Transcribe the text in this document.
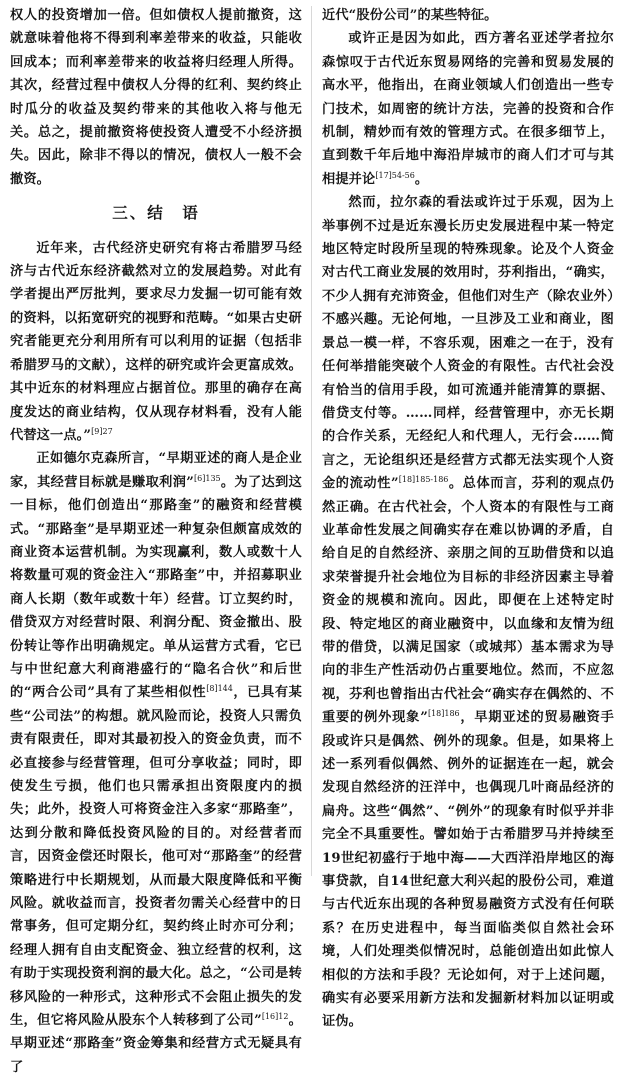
权人的投资增加一倍。但如债权人提前撤资，这就意味着他将不得到利率差带来的收益，只能收回成本；而利率差带来的收益将归经理人所得。其次，经营过程中债权人分得的红利、契约终止时瓜分的收益及契约带来的其他收入将与他无关。总之，提前撤资将使投资人遭受不小经济损失。因此，除非不得以的情况，债权人一般不会撤资。

三、结　语

近年来，古代经济史研究有将古希腊罗马经济与古代近东经济截然对立的发展趋势。对此有学者提出严厉批判，要求尽力发掘一切可能有效的资料，以拓宽研究的视野和范畴。“如果古史研究者能更充分利用所有可以利用的证据（包括非希腊罗马的文献），这样的研究或许会更富成效。其中近东的材料理应占据首位。那里的确存在高度发达的商业结构，仅从现存材料看，没有人能代替这一点。”$^{[9]27}$

正如德尔克森所言，“早期亚述的商人是企业家，其经营目标就是赚取利润”$^{[6]135}$。为了达到这一目标，他们创造出“那路奎”的融资和经营模式。“那路奎”是早期亚述一种复杂但颇富成效的商业资本运营机制。为实现赢利，数人或数十人将数量可观的资金注入“那路奎”中，并招募职业商人长期（数年或数十年）经营。订立契约时，借贷双方对经营时限、利润分配、资金撤出、股份转让等作出明确规定。单从运营方式看，它已与中世纪意大利商港盛行的“隐名合伙”和后世的“两合公司”具有了某些相似性$^{[8]144}$，已具有某些“公司法”的构想。就风险而论，投资人只需负责有限责任，即对其最初投入的资金负责，而不必直接参与经营管理，但可分享收益；同时，即使发生亏损，他们也只需承担出资限度内的损失；此外，投资人可将资金注入多家“那路奎”，达到分散和降低投资风险的目的。对经营者而言，因资金偿还时限长，他可对“那路奎”的经营策略进行中长期规划，从而最大限度降低和平衡风险。就收益而言，投资者勿需关心经营中的日常事务，但可定期分红，契约终止时亦可分利；经理人拥有自由支配资金、独立经营的权利，这有助于实现投资利润的最大化。总之，“公司是转移风险的一种形式，这种形式不会阻止损失的发生，但它将风险从股东个人转移到了公司”$^{[16]12}$。早期亚述“那路奎”资金筹集和经营方式无疑具有了

近代“股份公司”的某些特征。

或许正是因为如此，西方著名亚述学者拉尔森惊叹于古代近东贸易网络的完善和贸易发展的高水平，他指出，在商业领域人们创造出一些专门技术，如周密的统计方法，完善的投资和合作机制，精妙而有效的管理方式。在很多细节上，直到数千年后地中海沿岸城市的商人们才可与其相提并论$^{[17]54-56}$。

然而，拉尔森的看法或许过于乐观，因为上举事例不过是近东漫长历史发展进程中某一特定地区特定时段所呈现的特殊现象。论及个人资金对古代工商业发展的效用时，芬利指出，“确实，不少人拥有充沛资金，但他们对生产（除农业外）不感兴趣。无论何地，一旦涉及工业和商业，图景总一模一样，不容乐观，困难之一在于，没有任何举措能突破个人资金的有限性。古代社会没有恰当的信用手段，如可流通并能清算的票据、借贷支付等。……同样，经营管理中，亦无长期的合作关系，无经纪人和代理人，无行会……简言之，无论组织还是经营方式都无法实现个人资金的流动性”$^{[18]185-186}$。总体而言，芬利的观点仍然正确。在古代社会，个人资本的有限性与工商业革命性发展之间确实存在难以协调的矛盾，自给自足的自然经济、亲朋之间的互助借贷和以追求荣誉提升社会地位为目标的非经济因素主导着资金的规模和流向。因此，即便在上述特定时段、特定地区的商业融资中，以血缘和友情为纽带的借贷，以满足国家（或城邦）基本需求为导向的非生产性活动仍占重要地位。然而，不应忽视，芬利也曾指出古代社会“确实存在偶然的、不重要的例外现象”$^{[18]186}$，早期亚述的贸易融资手段或许只是偶然、例外的现象。但是，如果将上述一系列看似偶然、例外的证据连在一起，就会发现自然经济的汪洋中，也偶现几叶商品经济的扁舟。这些“偶然”、“例外”的现象有时似乎并非完全不具重要性。譬如始于古希腊罗马并持续至19世纪初盛行于地中海——大西洋沿岸地区的海事贷款，自14世纪意大利兴起的股份公司，难道与古代近东出现的各种贸易融资方式没有任何联系？在历史进程中，每当面临类似自然社会环境，人们处理类似情况时，总能创造出如此惊人相似的方法和手段？无论如何，对于上述问题，确实有必要采用新方法和发掘新材料加以证明或证伪。
